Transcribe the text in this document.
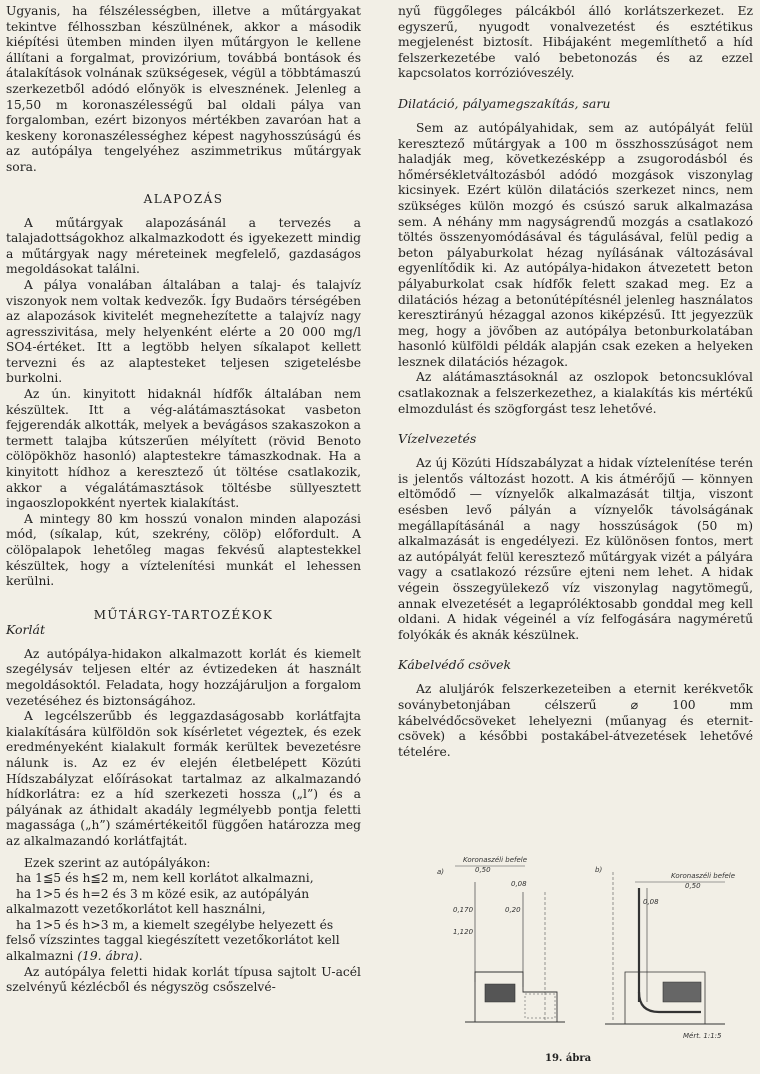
Ugyanis, ha félszélességben, illetve a műtárgyakat tekintve félhosszban készülnének, akkor a második kiépítési ütemben minden ilyen műtárgyon le kellene állítani a forgalmat, provizórium, továbbá bontások és átalakítások volnának szükségesek, végül a többtámaszú szerkezetből adódó előnyök is elvesznének. Jelenleg a 15,50 m koronaszélességű bal oldali pálya van forgalomban, ezért bizonyos mértékben zavaróan hat a keskeny koronaszélességhez képest nagyhosszúságú és az autópálya tengelyéhez aszimmetrikus műtárgyak sora.

ALAPOZÁS

A műtárgyak alapozásánál a tervezés a talajadottságokhoz alkalmazkodott és igyekezett mindig a műtárgyak nagy méreteinek megfelelő, gazdaságos megoldásokat találni.

A pálya vonalában általában a talaj- és talajvíz viszonyok nem voltak kedvezők. Így Budaörs térségében az alapozások kivitelét megnehezítette a talajvíz nagy agresszivitása, mely helyenként elérte a 20 000 mg/l SO4-értéket. Itt a legtöbb helyen síkalapot kellett tervezni és az alaptesteket teljesen szigetelésbe burkolni.

Az ún. kinyitott hidaknál hídfők általában nem készültek. Itt a vég-alátámasztásokat vasbeton fejgerendák alkották, melyek a bevágásos szakaszokon a termett talajba kútszerűen mélyített (rövid Benoto cölöpökhöz hasonló) alaptestekre támaszkodnak. Ha a kinyitott hídhoz a keresztező út töltése csatlakozik, akkor a végalátámasztások töltésbe süllyesztett ingaoszlopokként nyertek kialakítást.

A mintegy 80 km hosszú vonalon minden alapozási mód, (síkalap, kút, szekrény, cölöp) előfordult. A cölöpalapok lehetőleg magas fekvésű alaptestekkel készültek, hogy a víztelenítési munkát el lehessen kerülni.

MŰTÁRGY-TARTOZÉKOK
Korlát

Az autópálya-hidakon alkalmazott korlát és kiemelt szegélysáv teljesen eltér az évtizedeken át használt megoldásoktól. Feladata, hogy hozzájáruljon a forgalom vezetéséhez és biztonságához.

A legcélszerűbb és leggazdaságosabb korlátfajta kialakítására külföldön sok kísérletet végeztek, és ezek eredményeként kialakult formák kerültek bevezetésre nálunk is. Az ez év elején életbelépett Közúti Hídszabályzat előírásokat tartalmaz az alkalmazandó hídkorlátra: ez a híd szerkezeti hossza („l”) és a pályának az áthidalt akadály legmélyebb pontja feletti magassága („h”) számértékeitől függően határozza meg az alkalmazandó korlátfajtát.

Ezek szerint az autópályákon:

ha 1≦5 és h≦2 m, nem kell korlátot alkalmazni,

ha 1>5 és h=2 és 3 m közé esik, az autópályán alkalmazott vezetőkorlátot kell használni,

ha 1>5 és h>3 m, a kiemelt szegélybe helyezett és felső vízszintes taggal kiegészített vezetőkorlátot kell alkalmazni (19. ábra).

Az autópálya feletti hidak korlát típusa sajtolt U-acél szelvényű kézlécből és négyszög csőszelvé-

nyű függőleges pálcákból álló korlátszerkezet. Ez egyszerű, nyugodt vonalvezetést és esztétikus megjelenést biztosít. Hibájaként megemlíthető a híd felszerkezetébe való bebetonozás és az ezzel kapcsolatos korrózióveszély.

Dilatáció, pályamegszakítás, saru

Sem az autópályahidak, sem az autópályát felül keresztező műtárgyak a 100 m összhosszúságot nem haladják meg, következésképp a zsugorodásból és hőmérsékletváltozásból adódó mozgások viszonylag kicsinyek. Ezért külön dilatációs szerkezet nincs, nem szükséges külön mozgó és csúszó saruk alkalmazása sem. A néhány mm nagyságrendű mozgás a csatlakozó töltés összenyomódásával és tágulásával, felül pedig a beton pályaburkolat hézag nyílásának változásával egyenlítődik ki. Az autópálya-hidakon átvezetett beton pályaburkolat csak hídfők felett szakad meg. Ez a dilatációs hézag a betonútépítésnél jelenleg használatos keresztirányú hézaggal azonos kiképzésű. Itt jegyezzük meg, hogy a jövőben az autópálya betonburkolatában hasonló külföldi példák alapján csak ezeken a helyeken lesznek dilatációs hézagok.

Az alátámasztásoknál az oszlopok betoncsuklóval csatlakoznak a felszerkezethez, a kialakítás kis mértékű elmozdulást és szögforgást tesz lehetővé.

Vízelvezetés

Az új Közúti Hídszabályzat a hidak víztelenítése terén is jelentős változást hozott. A kis átmérőjű — könnyen eltömődő — víznyelők alkalmazását tiltja, viszont esésben levő pályán a víznyelők távolságának megállapításánál a nagy hosszúságok (50 m) alkalmazását is engedélyezi. Ez különösen fontos, mert az autópályát felül keresztező műtárgyak vizét a pályára vagy a csatlakozó rézsűre ejteni nem lehet. A hidak végein összegyülekező víz viszonylag nagytömegű, annak elvezetését a legapróléktosabb gonddal meg kell oldani. A hidak végeinél a víz felfogására nagyméretű folyókák és aknák készülnek.

Kábelvédő csövek

Az aluljárók felszerkezeteiben a eternit kerékvetők soványbetonjában célszerű ⌀ 100 mm kábelvédőcsöveket lehelyezni (műanyag és eternit-csövek) a későbbi postakábel-átvezetések lehetővé tételére.

a)
Koronaszéli befele
0,50
0,08
0,170
1,120
0,20
b)
Koronaszéli befele
0,50
0,08
Mért. 1:1:5
19. ábra
